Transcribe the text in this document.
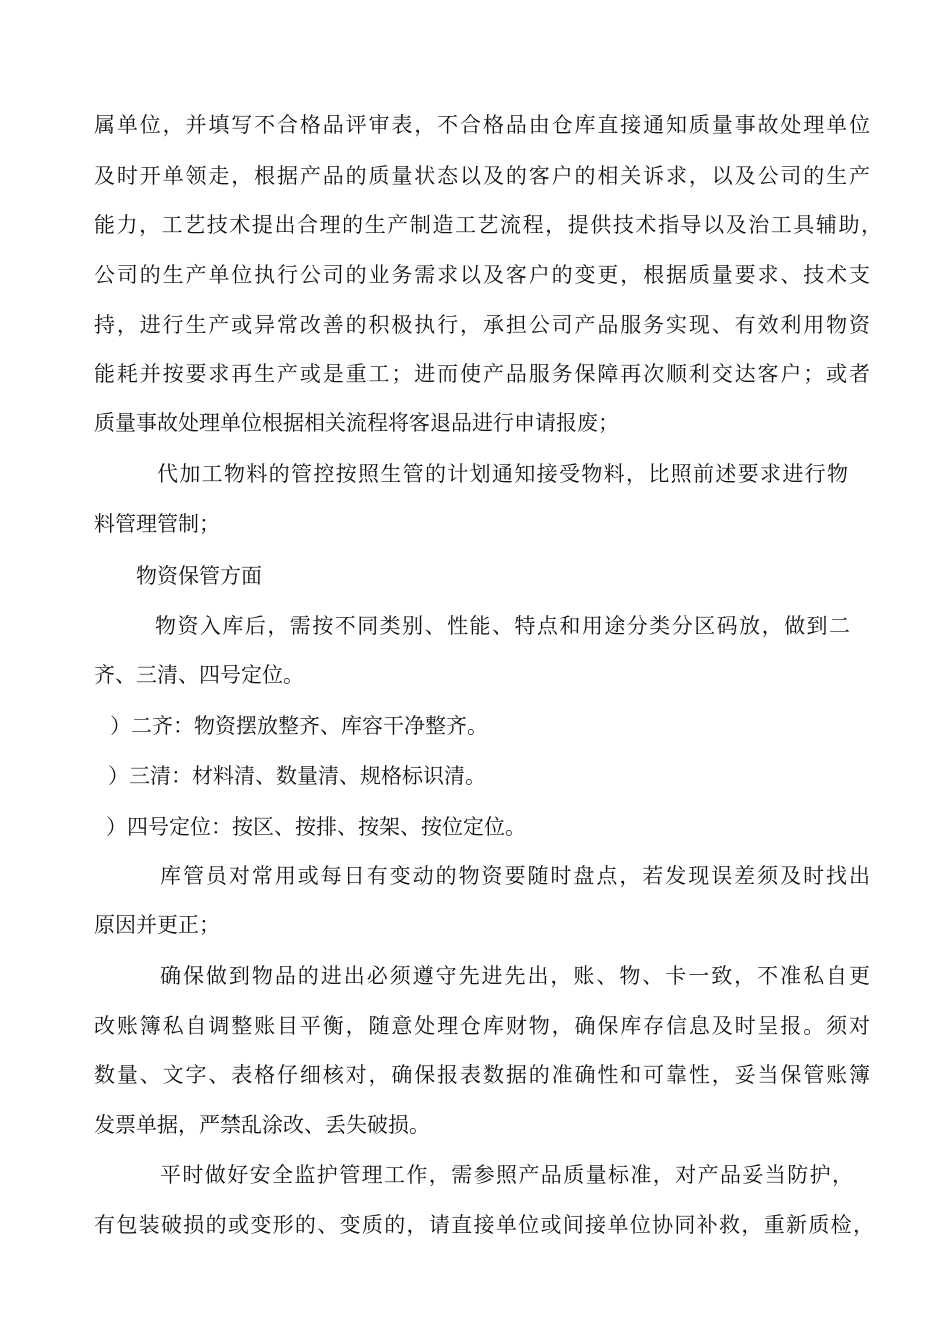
属单位，并填写不合格品评审表，不合格品由仓库直接通知质量事故处理单位
及时开单领走，根据产品的质量状态以及的客户的相关诉求，以及公司的生产
能力，工艺技术提出合理的生产制造工艺流程，提供技术指导以及治工具辅助，
公司的生产单位执行公司的业务需求以及客户的变更，根据质量要求、技术支
持，进行生产或异常改善的积极执行，承担公司产品服务实现、有效利用物资
能耗并按要求再生产或是重工；进而使产品服务保障再次顺利交达客户；或者
质量事故处理单位根据相关流程将客退品进行申请报废；
代加工物料的管控按照生管的计划通知接受物料，比照前述要求进行物
料管理管制；
物资保管方面
物资入库后，需按不同类别、性能、特点和用途分类分区码放，做到二
齐、三清、四号定位。
）二齐：物资摆放整齐、库容干净整齐。
）三清：材料清、数量清、规格标识清。
）四号定位：按区、按排、按架、按位定位。
库管员对常用或每日有变动的物资要随时盘点，若发现误差须及时找出
原因并更正；
确保做到物品的进出必须遵守先进先出，账、物、卡一致，不准私自更
改账簿私自调整账目平衡，随意处理仓库财物，确保库存信息及时呈报。须对
数量、文字、表格仔细核对，确保报表数据的准确性和可靠性，妥当保管账簿
发票单据，严禁乱涂改、丢失破损。
平时做好安全监护管理工作，需参照产品质量标准，对产品妥当防护，
有包装破损的或变形的、变质的，请直接单位或间接单位协同补救，重新质检，
